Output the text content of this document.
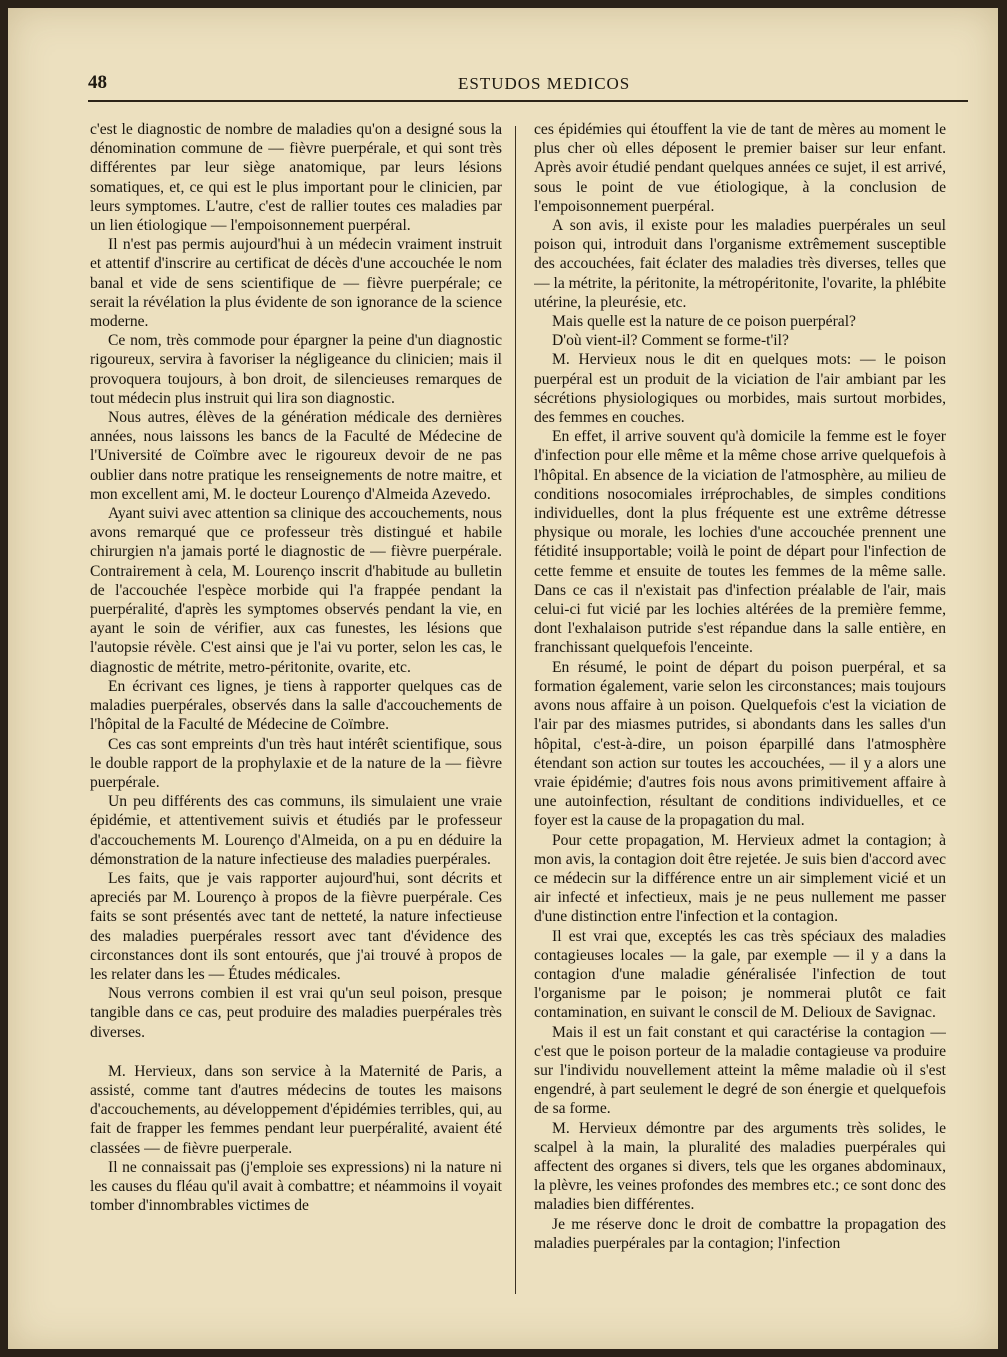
48	ESTUDOS MEDICOS

c'est le diagnostic de nombre de maladies qu'on a designé sous la dénomination commune de — fièvre puerpérale, et qui sont très différentes par leur siège anatomique, par leurs lésions somatiques, et, ce qui est le plus important pour le clinicien, par leurs symptomes. L'autre, c'est de rallier toutes ces maladies par un lien étiologique — l'empoisonnement puerpéral.

Il n'est pas permis aujourd'hui à un médecin vraiment instruit et attentif d'inscrire au certificat de décès d'une accouchée le nom banal et vide de sens scientifique de — fièvre puerpérale; ce serait la révélation la plus évidente de son ignorance de la science moderne.

Ce nom, très commode pour épargner la peine d'un diagnostic rigoureux, servira à favoriser la négligeance du clinicien; mais il provoquera toujours, à bon droit, de silencieuses remarques de tout médecin plus instruit qui lira son diagnostic.

Nous autres, élèves de la génération médicale des dernières années, nous laissons les bancs de la Faculté de Médecine de l'Université de Coïmbre avec le rigoureux devoir de ne pas oublier dans notre pratique les renseignements de notre maitre, et mon excellent ami, M. le docteur Lourenço d'Almeida Azevedo.

Ayant suivi avec attention sa clinique des accouchements, nous avons remarqué que ce professeur très distingué et habile chirurgien n'a jamais porté le diagnostic de — fièvre puerpérale. Contrairement à cela, M. Lourenço inscrit d'habitude au bulletin de l'accouchée l'espèce morbide qui l'a frappée pendant la puerpéralité, d'après les symptomes observés pendant la vie, en ayant le soin de vérifier, aux cas funestes, les lésions que l'autopsie révèle. C'est ainsi que je l'ai vu porter, selon les cas, le diagnostic de métrite, metro-péritonite, ovarite, etc.

En écrivant ces lignes, je tiens à rapporter quelques cas de maladies puerpérales, observés dans la salle d'accouchements de l'hôpital de la Faculté de Médecine de Coïmbre.

Ces cas sont empreints d'un très haut intérêt scientifique, sous le double rapport de la prophylaxie et de la nature de la — fièvre puerpérale.

Un peu différents des cas communs, ils simulaient une vraie épidémie, et attentivement suivis et étudiés par le professeur d'accouchements M. Lourenço d'Almeida, on a pu en déduire la démonstration de la nature infectieuse des maladies puerpérales.

Les faits, que je vais rapporter aujourd'hui, sont décrits et apreciés par M. Lourenço à propos de la fièvre puerpérale. Ces faits se sont présentés avec tant de netteté, la nature infectieuse des maladies puerpérales ressort avec tant d'évidence des circonstances dont ils sont entourés, que j'ai trouvé à propos de les relater dans les — Études médicales.

Nous verrons combien il est vrai qu'un seul poison, presque tangible dans ce cas, peut produire des maladies puerpérales très diverses.

M. Hervieux, dans son service à la Maternité de Paris, a assisté, comme tant d'autres médecins de toutes les maisons d'accouchements, au développement d'épidémies terribles, qui, au fait de frapper les femmes pendant leur puerpéralité, avaient été classées — de fièvre puerperale.

Il ne connaissait pas (j'emploie ses expressions) ni la nature ni les causes du fléau qu'il avait à combattre; et néammoins il voyait tomber d'innombrables victimes de

ces épidémies qui étouffent la vie de tant de mères au moment le plus cher où elles déposent le premier baiser sur leur enfant. Après avoir étudié pendant quelques années ce sujet, il est arrivé, sous le point de vue étiologique, à la conclusion de l'empoisonnement puerpéral.

A son avis, il existe pour les maladies puerpérales un seul poison qui, introduit dans l'organisme extrêmement susceptible des accouchées, fait éclater des maladies très diverses, telles que — la métrite, la péritonite, la métropéritonite, l'ovarite, la phlébite utérine, la pleurésie, etc.

Mais quelle est la nature de ce poison puerpéral?

D'où vient-il? Comment se forme-t'il?

M. Hervieux nous le dit en quelques mots: — le poison puerpéral est un produit de la viciation de l'air ambiant par les sécrétions physiologiques ou morbides, mais surtout morbides, des femmes en couches.

En effet, il arrive souvent qu'à domicile la femme est le foyer d'infection pour elle même et la même chose arrive quelquefois à l'hôpital. En absence de la viciation de l'atmosphère, au milieu de conditions nosocomiales irréprochables, de simples conditions individuelles, dont la plus fréquente est une extrême détresse physique ou morale, les lochies d'une accouchée prennent une fétidité insupportable; voilà le point de départ pour l'infection de cette femme et ensuite de toutes les femmes de la même salle. Dans ce cas il n'existait pas d'infection préalable de l'air, mais celui-ci fut vicié par les lochies altérées de la première femme, dont l'exhalaison putride s'est répandue dans la salle entière, en franchissant quelquefois l'enceinte.

En résumé, le point de départ du poison puerpéral, et sa formation également, varie selon les circonstances; mais toujours avons nous affaire à un poison. Quelquefois c'est la viciation de l'air par des miasmes putrides, si abondants dans les salles d'un hôpital, c'est-à-dire, un poison éparpillé dans l'atmosphère étendant son action sur toutes les accouchées, — il y a alors une vraie épidémie; d'autres fois nous avons primitivement affaire à une autoinfection, résultant de conditions individuelles, et ce foyer est la cause de la propagation du mal.

Pour cette propagation, M. Hervieux admet la contagion; à mon avis, la contagion doit être rejetée. Je suis bien d'accord avec ce médecin sur la différence entre un air simplement vicié et un air infecté et infectieux, mais je ne peus nullement me passer d'une distinction entre l'infection et la contagion.

Il est vrai que, exceptés les cas très spéciaux des maladies contagieuses locales — la gale, par exemple — il y a dans la contagion d'une maladie généralisée l'infection de tout l'organisme par le poison; je nommerai plutôt ce fait contamination, en suivant le conscil de M. Delioux de Savignac.

Mais il est un fait constant et qui caractérise la contagion — c'est que le poison porteur de la maladie contagieuse va produire sur l'individu nouvellement atteint la même maladie où il s'est engendré, à part seulement le degré de son énergie et quelquefois de sa forme.

M. Hervieux démontre par des arguments très solides, le scalpel à la main, la pluralité des maladies puerpérales qui affectent des organes si divers, tels que les organes abdominaux, la plèvre, les veines profondes des membres etc.; ce sont donc des maladies bien différentes.

Je me réserve donc le droit de combattre la propagation des maladies puerpérales par la contagion; l'infection
